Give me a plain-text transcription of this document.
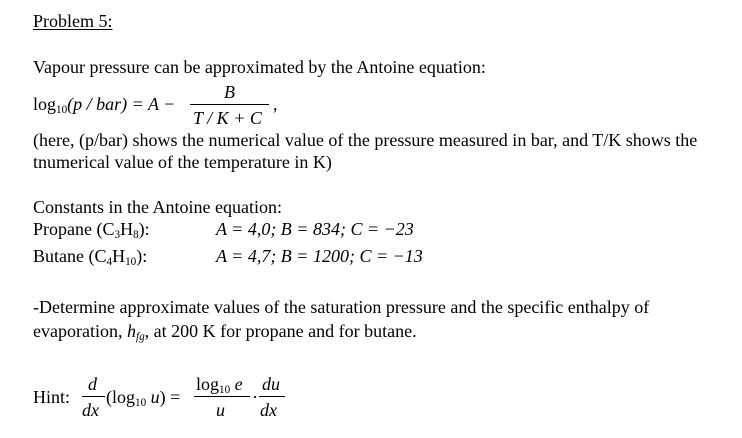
Problem 5:
Vapour pressure can be approximated by the Antoine equation:
$\log_{10}(p / bar) = A$ −
B
T / K + C
,
(here, (p/bar) shows the numerical value of the pressure measured in bar, and T/K shows the
tnumerical value of the temperature in K)
Constants in the Antoine equation:
Propane $(C_3H_8)$:	A = 4,0; B = 834; C = −23
Butane $(C_4H_{10})$:	A = 4,7; B = 1200; C = −13
-Determine approximate values of the saturation pressure and the specific enthalpy of
evaporation, $h_{fg}$, at 200 K for propane and for butane.
Hint:
d
dx
($\log_{10}$ u) =
$\log_{10} e$
u
·
du
dx
